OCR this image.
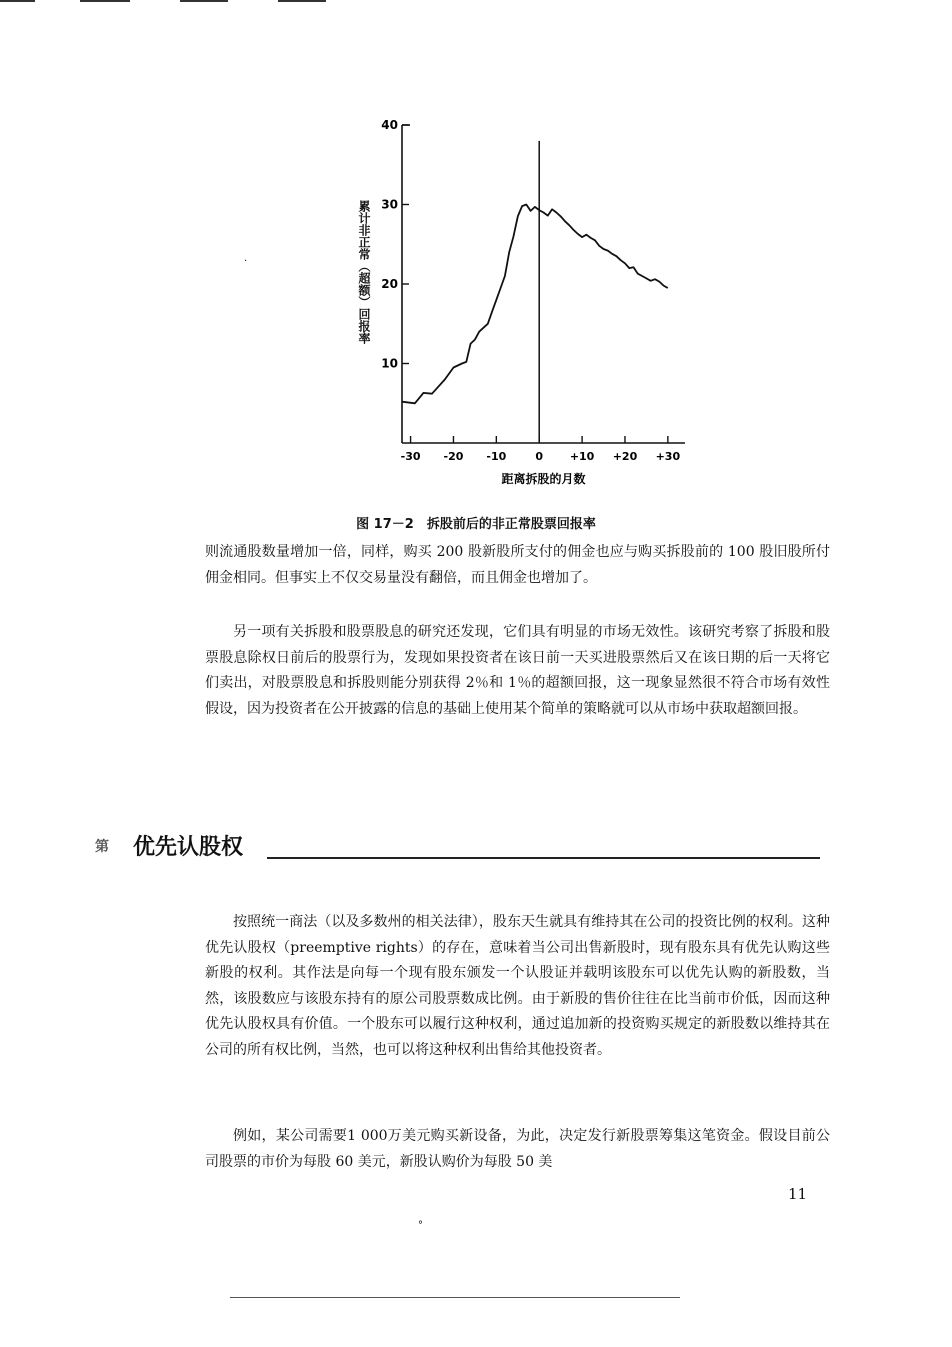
·
10
20
30
40
-30 -20 -10	0 +10 +20 +30
距离拆股的月数
累计非正常（超额）回报率
图 17－2　拆股前后的非正常股票回报率

则流通股数量增加一倍，同样，购买 200 股新股所支付的佣金也应与购买拆股前的 100 股旧股所付佣金相同。但事实上不仅交易量没有翻倍，而且佣金也增加了。

另一项有关拆股和股票股息的研究还发现，它们具有明显的市场无效性。该研究考察了拆股和股票股息除权日前后的股票行为，发现如果投资者在该日前一天买进股票然后又在该日期的后一天将它们卖出，对股票股息和拆股则能分别获得 2％和 1％的超额回报，这一现象显然很不符合市场有效性假设，因为投资者在公开披露的信息的基础上使用某个简单的策略就可以从市场中获取超额回报。

第 优先认股权

按照统一商法（以及多数州的相关法律），股东天生就具有维持其在公司的投资比例的权利。这种优先认股权（preemptive rights）的存在，意味着当公司出售新股时，现有股东具有优先认购这些新股的权利。其作法是向每一个现有股东颁发一个认股证并载明该股东可以优先认购的新股数，当然，该股数应与该股东持有的原公司股票数成比例。由于新股的售价往往在比当前市价低，因而这种优先认股权具有价值。一个股东可以履行这种权利，通过追加新的投资购买规定的新股数以维持其在公司的所有权比例，当然，也可以将这种权利出售给其他投资者。

例如，某公司需要1 000万美元购买新设备，为此，决定发行新股票筹集这笔资金。假设目前公司股票的市价为每股 60 美元，新股认购价为每股 50 美

11
°
